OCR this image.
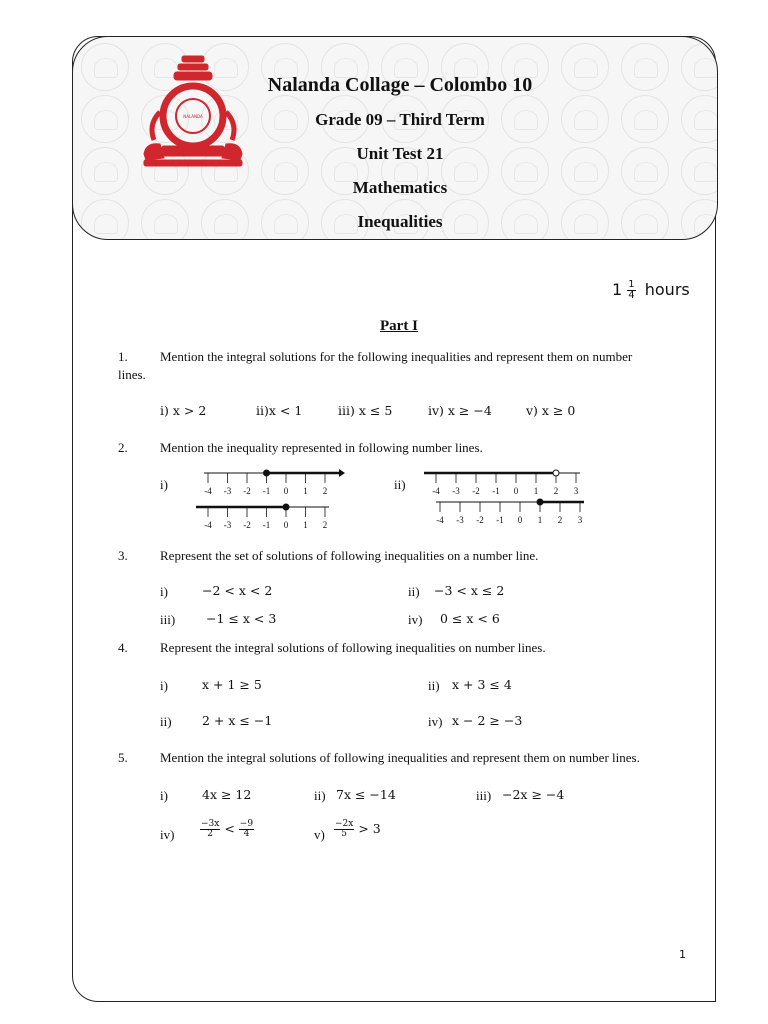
NALANDA
Nalanda Collage – Colombo 10
Grade 09 – Third Term
Unit Test 21
Mathematics
Inequalities
$1 \frac{1}{4}$ hours
Part I
1. Mention the integral solutions for the following inequalities and represent them on number
lines.
i) x > 2	ii)x < 1	iii) x ≤ 5	iv) x ≥ −4	v) x ≥ 0
2. Mention the inequality represented in following number lines.
i)	ii)
-4 -3 -2 -1 0 1 2
-4 -3 -2 -1 0 1 2
-4 -3 -2 -1 0 1 2 3
-4 -3 -2 -1 0 1 2 3
3. Represent the set of solutions of following inequalities on a number line.
i)	−2 < x < 2	ii) −3 < x ≤ 2
iii) −1 ≤ x < 3	iv) 0 ≤ x < 6
4. Represent the integral solutions of following inequalities on number lines.
i)	x + 1 ≥ 5	ii) x + 3 ≤ 4
ii) 2 + x ≤ −1	iv) x − 2 ≥ −3
5. Mention the integral solutions of following inequalities and represent them on number lines.
i)	4x ≥ 12	ii) 7x ≤ −14	iii) −2x ≥ −4
iv)	$\frac{-3x}{2} < \frac{-9}{4}$	$v) \frac{-2x}{5} > 3$
1
